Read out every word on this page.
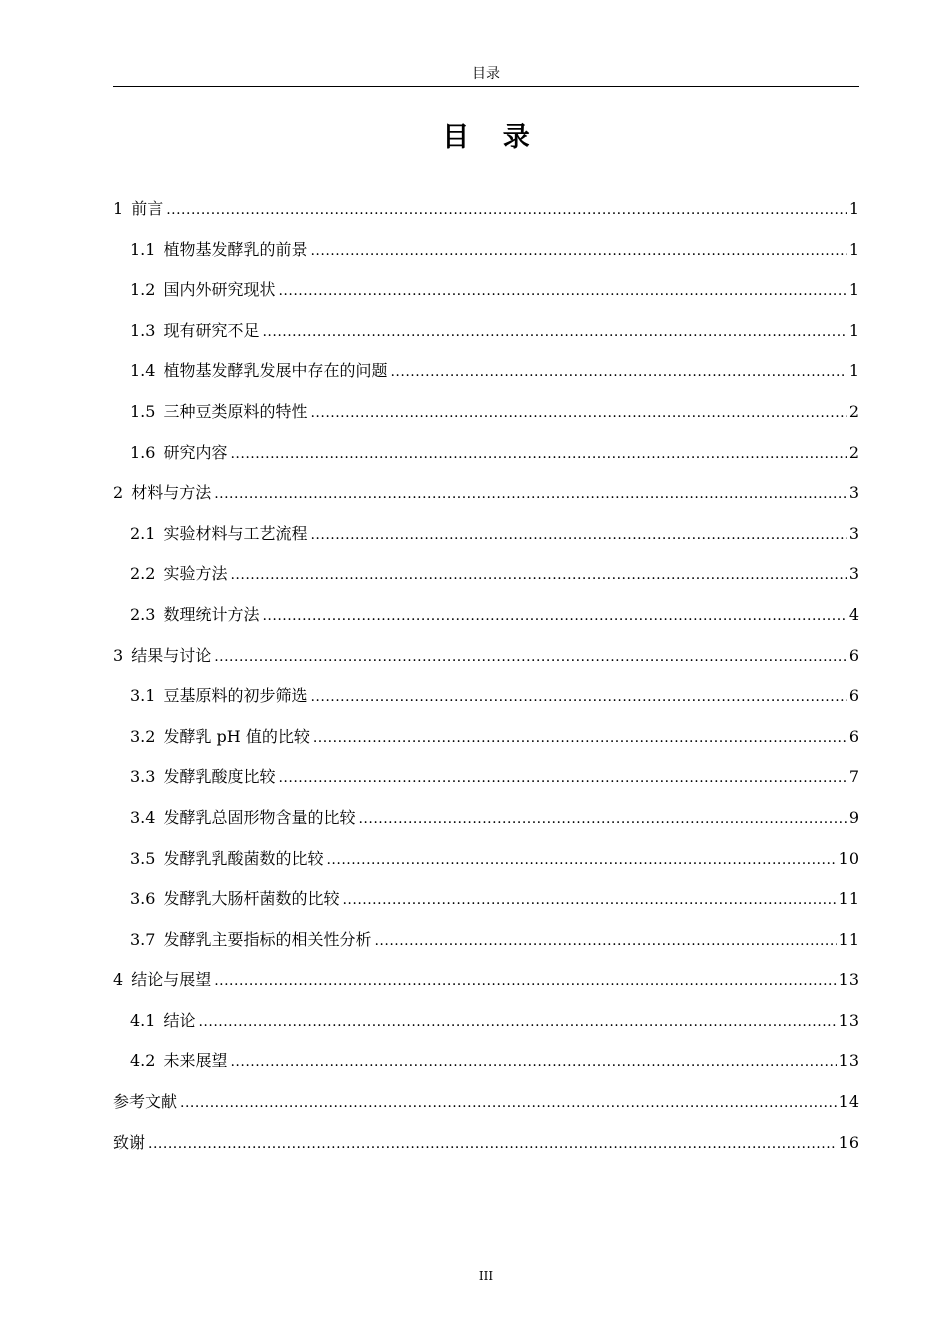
目录
目 录
1 前言 .....	1
1.1 植物基发酵乳的前景 .....	1
1.2 国内外研究现状 .....	1
1.3 现有研究不足 .....	1
1.4 植物基发酵乳发展中存在的问题 .....	1
1.5 三种豆类原料的特性 .....	2
1.6 研究内容 .....	2
2 材料与方法 .....	3
2.1 实验材料与工艺流程 .....	3
2.2 实验方法 .....	3
2.3 数理统计方法 .....	4
3 结果与讨论 .....	6
3.1 豆基原料的初步筛选 .....	6
3.2 发酵乳 pH 值的比较 .....	6
3.3 发酵乳酸度比较 .....	7
3.4 发酵乳总固形物含量的比较 .....	9
3.5 发酵乳乳酸菌数的比较 .....	10
3.6 发酵乳大肠杆菌数的比较 .....	11
3.7 发酵乳主要指标的相关性分析 .....	11
4 结论与展望 .....	13
4.1 结论 .....	13
4.2 未来展望 .....	13
参考文献 .....	14
致谢 .....	16
III
